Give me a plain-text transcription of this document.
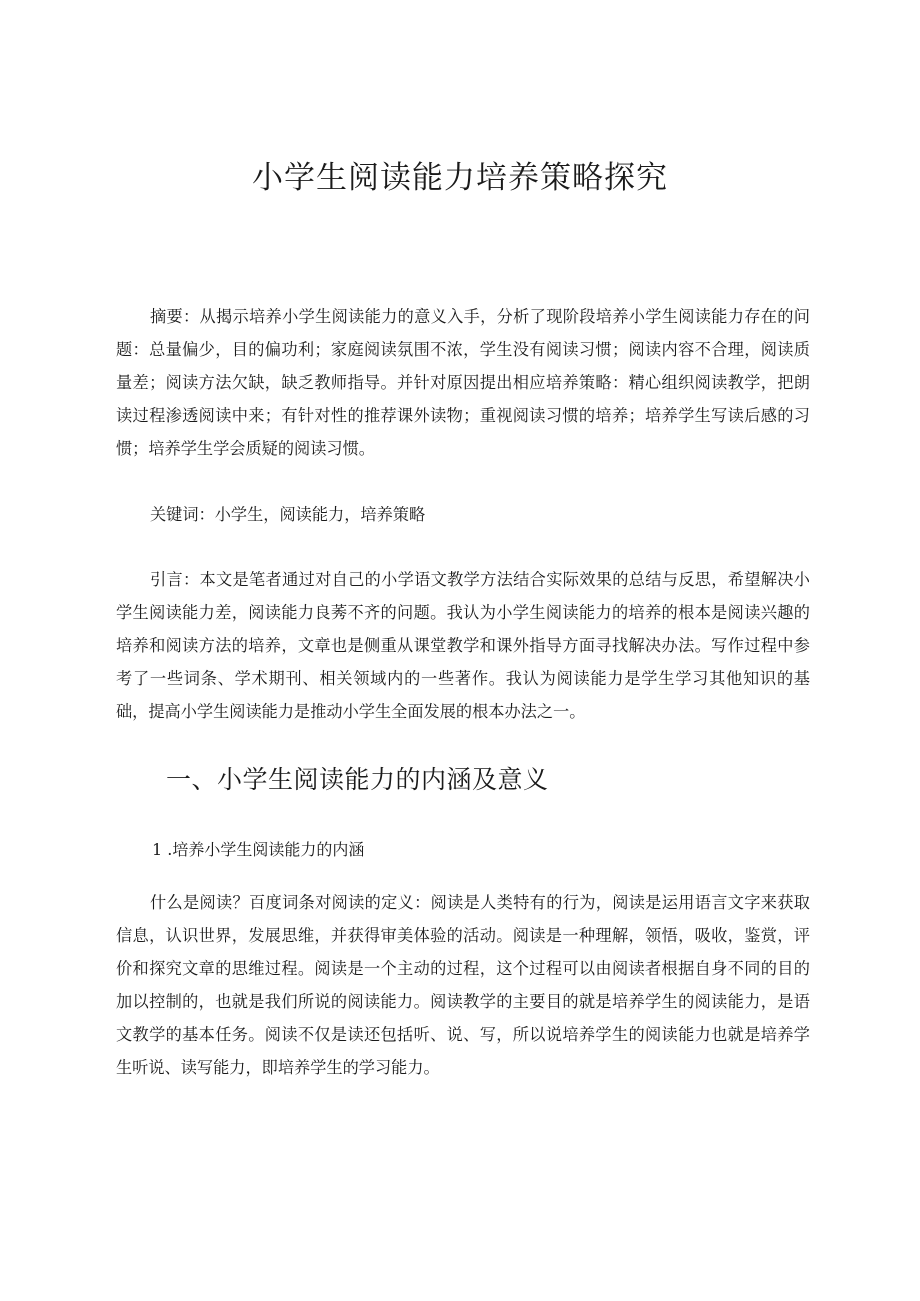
小学生阅读能力培养策略探究

摘要：从揭示培养小学生阅读能力的意义入手，分析了现阶段培养小学生阅读能力存在的问题：总量偏少，目的偏功利；家庭阅读氛围不浓，学生没有阅读习惯；阅读内容不合理，阅读质量差；阅读方法欠缺，缺乏教师指导。并针对原因提出相应培养策略：精心组织阅读教学，把朗读过程渗透阅读中来；有针对性的推荐课外读物；重视阅读习惯的培养；培养学生写读后感的习惯；培养学生学会质疑的阅读习惯。

关键词：小学生，阅读能力，培养策略

引言：本文是笔者通过对自己的小学语文教学方法结合实际效果的总结与反思，希望解决小学生阅读能力差，阅读能力良莠不齐的问题。我认为小学生阅读能力的培养的根本是阅读兴趣的培养和阅读方法的培养，文章也是侧重从课堂教学和课外指导方面寻找解决办法。写作过程中参考了一些词条、学术期刊、相关领域内的一些著作。我认为阅读能力是学生学习其他知识的基础，提高小学生阅读能力是推动小学生全面发展的根本办法之一。

一、小学生阅读能力的内涵及意义
1 .培养小学生阅读能力的内涵

什么是阅读？百度词条对阅读的定义：阅读是人类特有的行为，阅读是运用语言文字来获取信息，认识世界，发展思维，并获得审美体验的活动。阅读是一种理解，领悟，吸收，鉴赏，评价和探究文章的思维过程。阅读是一个主动的过程，这个过程可以由阅读者根据自身不同的目的加以控制的，也就是我们所说的阅读能力。阅读教学的主要目的就是培养学生的阅读能力，是语文教学的基本任务。阅读不仅是读还包括听、说、写，所以说培养学生的阅读能力也就是培养学生听说、读写能力，即培养学生的学习能力。
